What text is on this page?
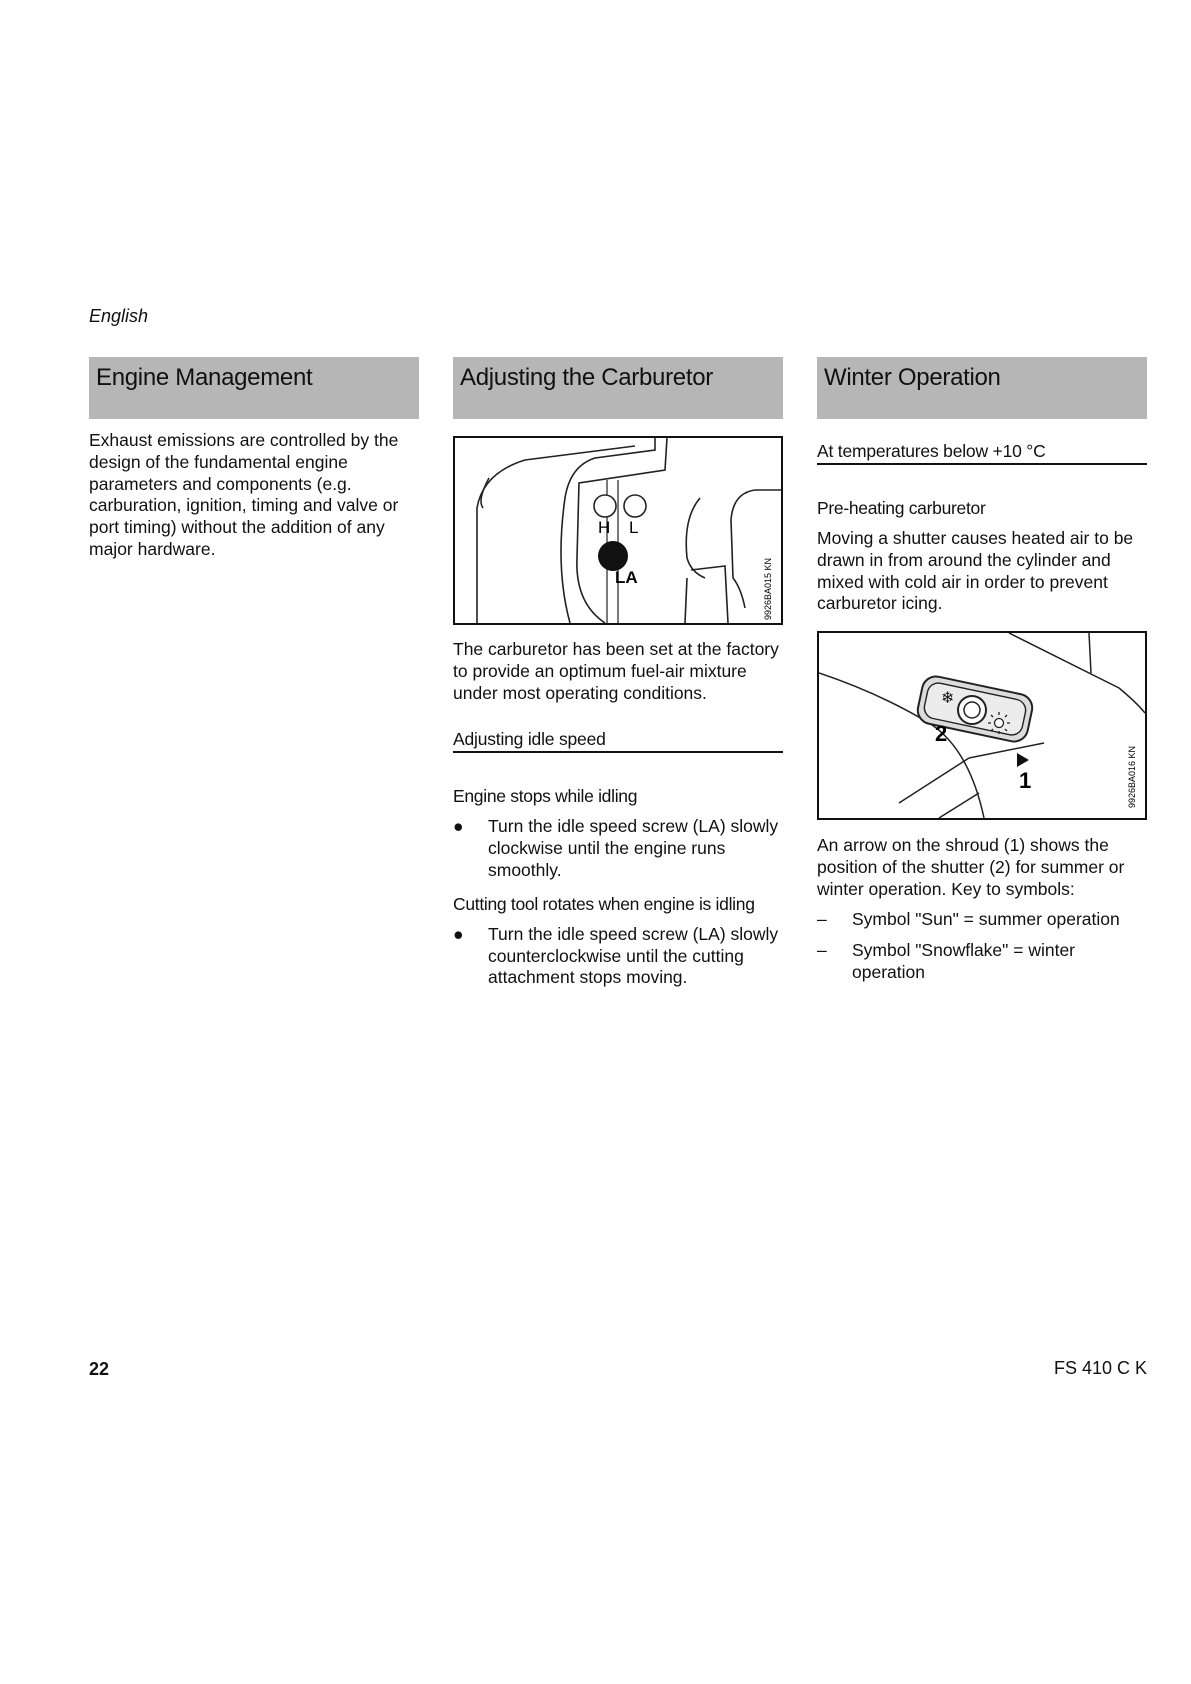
English
Engine Management

Exhaust emissions are controlled by the design of the fundamental engine parameters and components (e.g. carburation, ignition, timing and valve or port timing) without the addition of any major hardware.

Adjusting the Carburetor
H L
LA	9926BA015 KN

The carburetor has been set at the factory to provide an optimum fuel-air mixture under most operating conditions.

Adjusting idle speed
Engine stops while idling
● Turn the idle speed screw (LA) slowly clockwise until the engine runs smoothly.
Cutting tool rotates when engine is idling
● Turn the idle speed screw (LA) slowly counterclockwise until the cutting attachment stops moving.
Winter Operation
At temperatures below +10 °C
Pre-heating carburetor

Moving a shutter causes heated air to be drawn in from around the cylinder and mixed with cold air in order to prevent carburetor icing.

❄
2
1	9926BA016 KN

An arrow on the shroud (1) shows the position of the shutter (2) for summer or winter operation. Key to symbols:

– Symbol "Sun" = summer operation
– Symbol "Snowflake" = winter operation
22	FS 410 C K
